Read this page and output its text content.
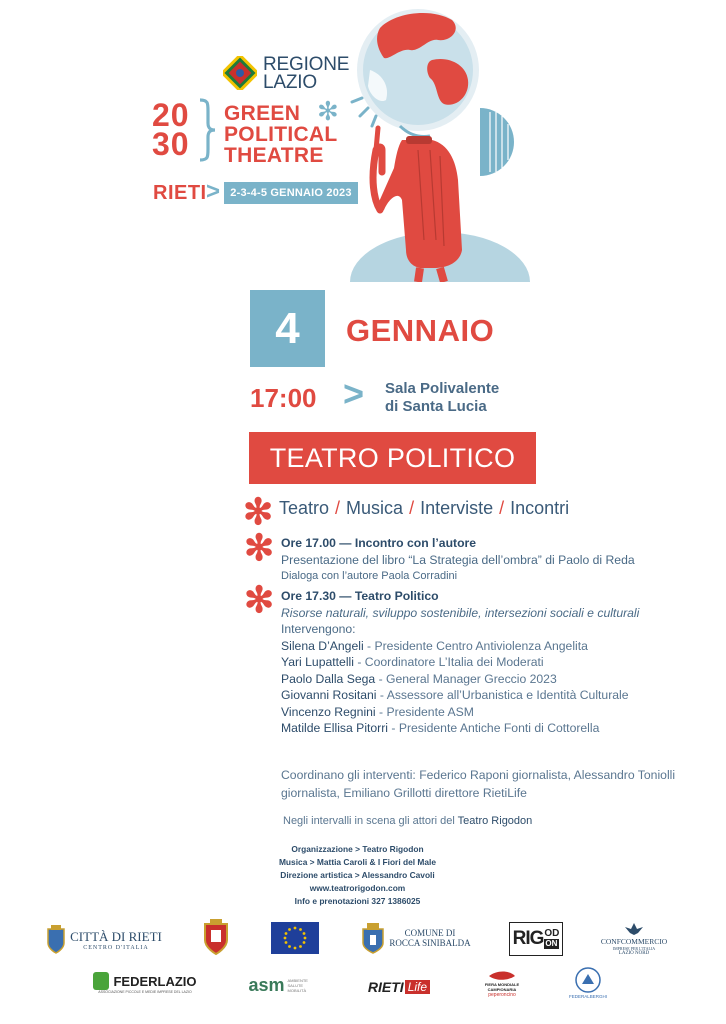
REGIONE
LAZIO
20
30
GREEN
POLITICAL
THEATRE
✻
RIETI > 2-3-4-5 GENNAIO 2023
4	GENNAIO
17:00 > Sala Polivalente
di Santa Lucia
TEATRO POLITICO
✻ Teatro / Musica / Interviste / Incontri
✻ Ore 17.00 — Incontro con l’autore
Presentazione del libro “La Strategia dell’ombra” di Paolo di Reda
Dialoga con l’autore Paola Corradini
✻ Ore 17.30 — Teatro Politico
Risorse naturali, sviluppo sostenibile, intersezioni sociali e culturali
Intervengono:
Silena D’Angeli - Presidente Centro Antiviolenza Angelita
Yari Lupattelli - Coordinatore L’Italia dei Moderati
Paolo Dalla Sega - General Manager Greccio 2023
Giovanni Rositani - Assessore all’Urbanistica e Identità Culturale
Vincenzo Regnini - Presidente ASM
Matilde Ellisa Pitorri - Presidente Antiche Fonti di Cottorella
Coordinano gli interventi: Federico Raponi giornalista, Alessandro Toniolli giornalista, Emiliano Grillotti direttore RietiLife
Negli intervalli in scena gli attori del Teatro Rigodon
Organizzazione > Teatro Rigodon
Musica > Mattia Caroli & I Fiori del Male
Direzione artistica > Alessandro Cavoli
www.teatrorigodon.com
Info e prenotazioni 327 1386025
CITTÀ DI RIETI
CENTRO D'ITALIA
COMUNE DI
ROCCA SINIBALDA RIG OD
ON	CONFCOMMERCIO
IMPRESE PER L'ITALIA
LAZIO NORD
FEDERLAZIO
ASSOCIAZIONE PICCOLE E MEDIE IMPRESE DEL LAZIO	asm AMBIENTE SALUTE MOBILITÀ	RIETI Life	FIERA MONDIALE
CAMPIONARIA
peperoncino	FEDERALBERGHI
